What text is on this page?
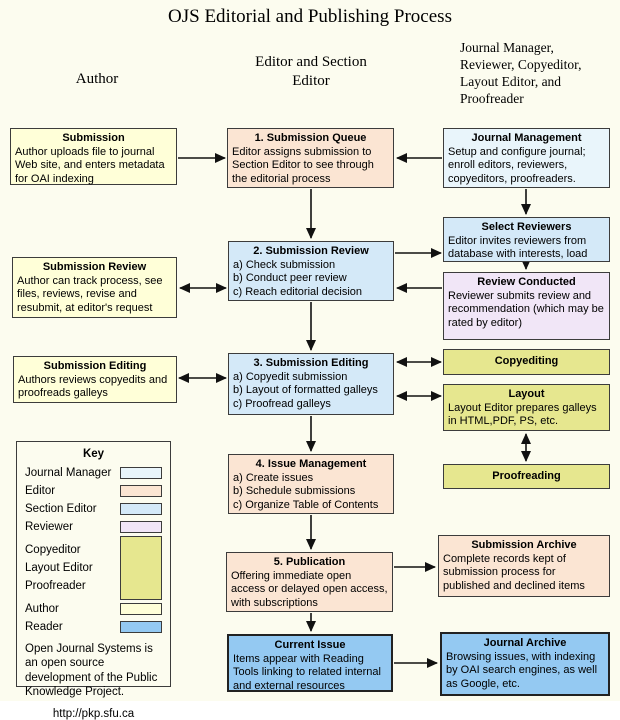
OJS Editorial and Publishing Process
Author
Editor and Section Editor
Journal Manager, Reviewer, Copyeditor, Layout Editor, and Proofreader
Submission
Author uploads file to journal Web site, and enters metadata for OAI indexing
Submission Review
Author can track process, see files, reviews, revise and resubmit, at editor's request
Submission Editing
Authors reviews copyedits and proofreads galleys
1. Submission Queue
Editor assigns submission to Section Editor to see through the editorial process
2. Submission Review
a) Check submission
b) Conduct peer review
c) Reach editorial decision
3. Submission Editing
a) Copyedit submission
b) Layout of formatted galleys
c) Proofread galleys
4. Issue Management
a) Create issues
b) Schedule submissions
c) Organize Table of Contents
5. Publication
Offering immediate open access or delayed open access, with subscriptions
Current Issue
Items appear with Reading Tools linking to related internal and external resources
Journal Management
Setup and configure journal; enroll editors, reviewers, copyeditors, proofreaders.
Select Reviewers
Editor invites reviewers from database with interests, load
Review Conducted
Reviewer submits review and recommendation (which may be rated by editor)
Copyediting
Layout
Layout Editor prepares galleys in HTML,PDF, PS, etc.
Proofreading
Submission Archive
Complete records kept of submission process for published and declined items
Journal Archive
Browsing issues, with indexing by OAI search engines, as well as Google, etc.
Key
Journal Manager
Editor
Section Editor
Reviewer
Copyeditor
Layout Editor
Proofreader
Author
Reader
Open Journal Systems is an open source development of the Public Knowledge Project.
http://pkp.sfu.ca
